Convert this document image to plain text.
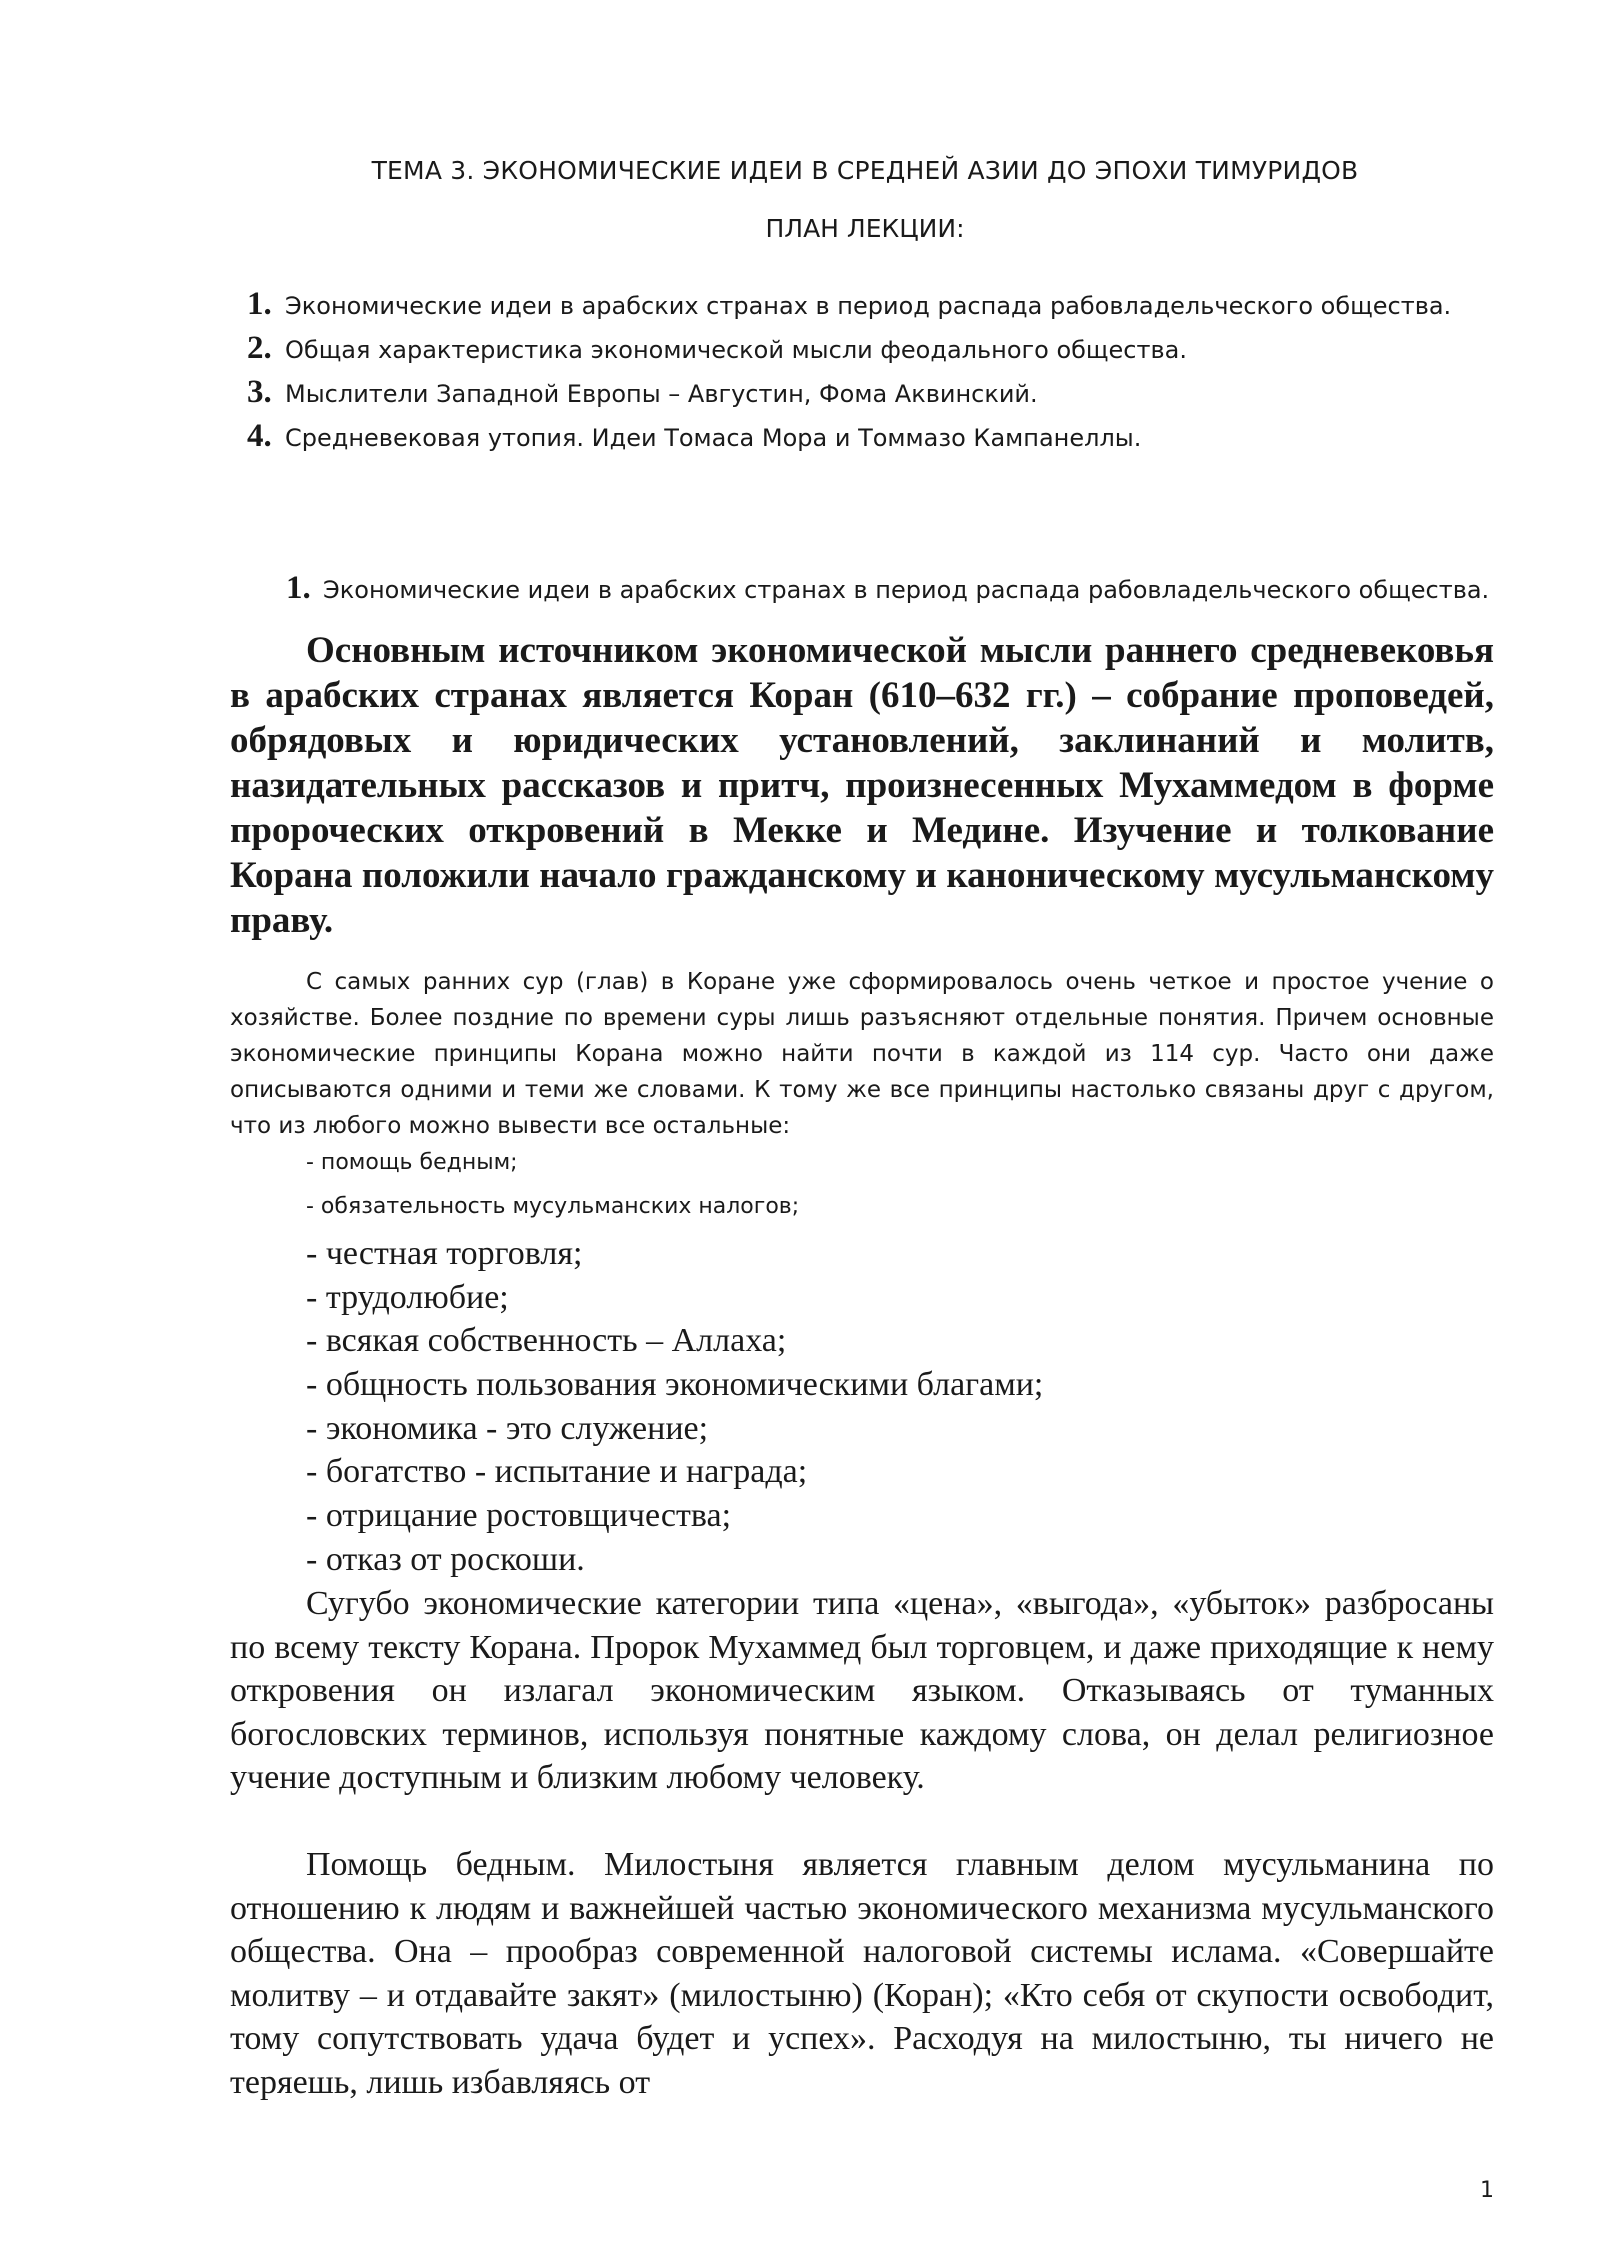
ТЕМА 3. ЭКОНОМИЧЕСКИЕ ИДЕИ В СРЕДНЕЙ АЗИИ ДО ЭПОХИ ТИМУРИДОВ
ПЛАН ЛЕКЦИИ:
1. Экономические идеи в арабских странах в период распада рабовладельческого общества.
2. Общая характеристика экономической мысли феодального общества.
3. Мыслители Западной Европы – Августин, Фома Аквинский.
4. Средневековая утопия. Идеи Томаса Мора и Томмазо Кампанеллы.
1. Экономические идеи в арабских странах в период распада рабовладельческого общества.

Основным источником экономической мысли раннего средневековья в арабских странах является Коран (610–632 гг.) – собрание проповедей, обрядовых и юридических установлений, заклинаний и молитв, назидательных рассказов и притч, произнесенных Мухаммедом в форме пророческих откровений в Мекке и Медине. Изучение и толкование Корана положили начало гражданскому и каноническому мусульманскому праву.

С самых ранних сур (глав) в Коране уже сформировалось очень четкое и простое учение о хозяйстве. Более поздние по времени суры лишь разъясняют отдельные понятия. Причем основные экономические принципы Корана можно найти почти в каждой из 114 сур. Часто они даже описываются одними и теми же словами. К тому же все принципы настолько связаны друг с другом, что из любого можно вывести все остальные:

- помощь бедным;
- обязательность мусульманских налогов;
- честная торговля;
- трудолюбие;
- всякая собственность – Аллаха;
- общность пользования экономическими благами;
- экономика - это служение;
- богатство - испытание и награда;
- отрицание ростовщичества;
- отказ от роскоши.

Сугубо экономические категории типа «цена», «выгода», «убыток» разбросаны по всему тексту Корана. Пророк Мухаммед был торговцем, и даже приходящие к нему откровения он излагал экономическим языком. Отказываясь от туманных богословских терминов, используя понятные каждому слова, он делал религиозное учение доступным и близким любому человеку.

Помощь бедным. Милостыня является главным делом мусульманина по отношению к людям и важнейшей частью экономического механизма мусульманского общества. Она – прообраз современной налоговой системы ислама. «Совершайте молитву – и отдавайте закят» (милостыню) (Коран); «Кто себя от скупости освободит, тому сопутствовать удача будет и успех». Расходуя на милостыню, ты ничего не теряешь, лишь избавляясь от

1
